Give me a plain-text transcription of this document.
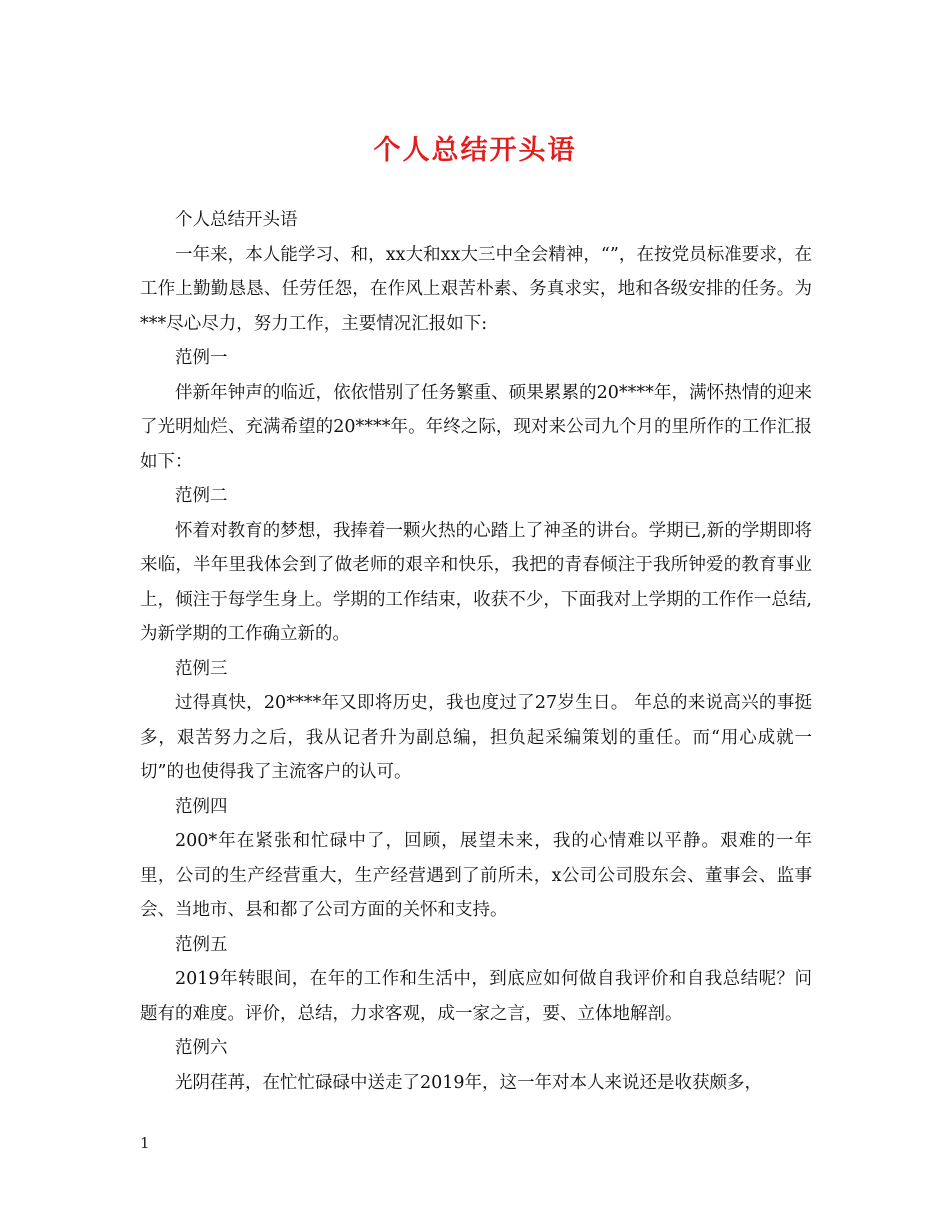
个人总结开头语

个人总结开头语

一年来，本人能学习、和，xx大和xx大三中全会精神，“”，在按党员标准要求，在工作上勤勤恳恳、任劳任怨，在作风上艰苦朴素、务真求实，地和各级安排的任务。为***尽心尽力，努力工作，主要情况汇报如下:

范例一

伴新年钟声的临近，依依惜别了任务繁重、硕果累累的20****年，满怀热情的迎来了光明灿烂、充满希望的20****年。年终之际，现对来公司九个月的里所作的工作汇报如下：

范例二

怀着对教育的梦想，我捧着一颗火热的心踏上了神圣的讲台。学期已,新的学期即将来临，半年里我体会到了做老师的艰辛和快乐，我把的青春倾注于我所钟爱的教育事业上，倾注于每学生身上。学期的工作结束，收获不少，下面我对上学期的工作作一总结,为新学期的工作确立新的。

范例三

过得真快，20****年又即将历史，我也度过了27岁生日。 年总的来说高兴的事挺多，艰苦努力之后，我从记者升为副总编，担负起采编策划的重任。而“用心成就一切”的也使得我了主流客户的认可。

范例四

200*年在紧张和忙碌中了，回顾，展望未来，我的心情难以平静。艰难的一年里，公司的生产经营重大，生产经营遇到了前所未，x公司公司股东会、董事会、监事会、当地市、县和都了公司方面的关怀和支持。

范例五

2019年转眼间，在年的工作和生活中，到底应如何做自我评价和自我总结呢？问题有的难度。评价，总结，力求客观，成一家之言，要、立体地解剖。

范例六

光阴荏苒，在忙忙碌碌中送走了2019年，这一年对本人来说还是收获颇多，

1
